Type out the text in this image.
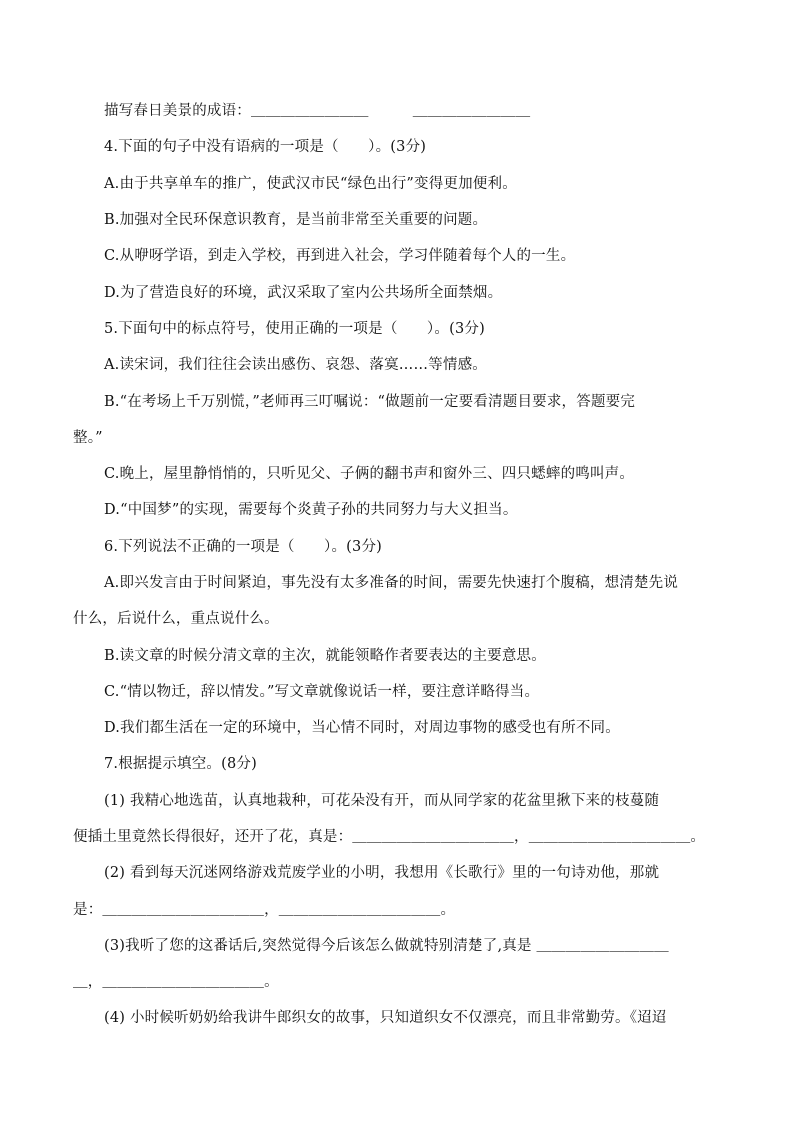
描写春日美景的成语：＿＿＿＿＿＿＿＿　　　＿＿＿＿＿＿＿＿
4.下面的句子中没有语病的一项是（　　）。(3分)
A.由于共享单车的推广，使武汉市民“绿色出行”变得更加便利。
B.加强对全民环保意识教育，是当前非常至关重要的问题。
C.从咿呀学语，到走入学校，再到进入社会，学习伴随着每个人的一生。
D.为了营造良好的环境，武汉采取了室内公共场所全面禁烟。
5.下面句中的标点符号，使用正确的一项是（　　）。(3分)
A.读宋词，我们往往会读出感伤、哀怨、落寞……等情感。
B.“在考场上千万别慌，”老师再三叮嘱说：“做题前一定要看清题目要求，答题要完
整。”
C.晚上，屋里静悄悄的，只听见父、子俩的翻书声和窗外三、四只蟋蟀的鸣叫声。
D.“中国梦”的实现，需要每个炎黄子孙的共同努力与大义担当。
6.下列说法不正确的一项是（　　）。(3分)
A.即兴发言由于时间紧迫，事先没有太多准备的时间，需要先快速打个腹稿，想清楚先说
什么，后说什么，重点说什么。
B.读文章的时候分清文章的主次，就能领略作者要表达的主要意思。
C.“情以物迁，辞以情发。”写文章就像说话一样，要注意详略得当。
D.我们都生活在一定的环境中，当心情不同时，对周边事物的感受也有所不同。
7.根据提示填空。(8分)
(1) 我精心地选苗，认真地栽种，可花朵没有开，而从同学家的花盆里揪下来的枝蔓随
便插土里竟然长得很好，还开了花，真是：＿＿＿＿＿＿＿＿＿＿＿，＿＿＿＿＿＿＿＿＿＿＿。
(2) 看到每天沉迷网络游戏荒废学业的小明，我想用《长歌行》里的一句诗劝他，那就
是：＿＿＿＿＿＿＿＿＿＿＿，＿＿＿＿＿＿＿＿＿＿＿。
(3)我听了您的这番话后,突然觉得今后该怎么做就特别清楚了,真是 ＿＿＿＿＿＿＿＿＿
＿，＿＿＿＿＿＿＿＿＿＿＿。
(4) 小时候听奶奶给我讲牛郎织女的故事，只知道织女不仅漂亮，而且非常勤劳。《迢迢
